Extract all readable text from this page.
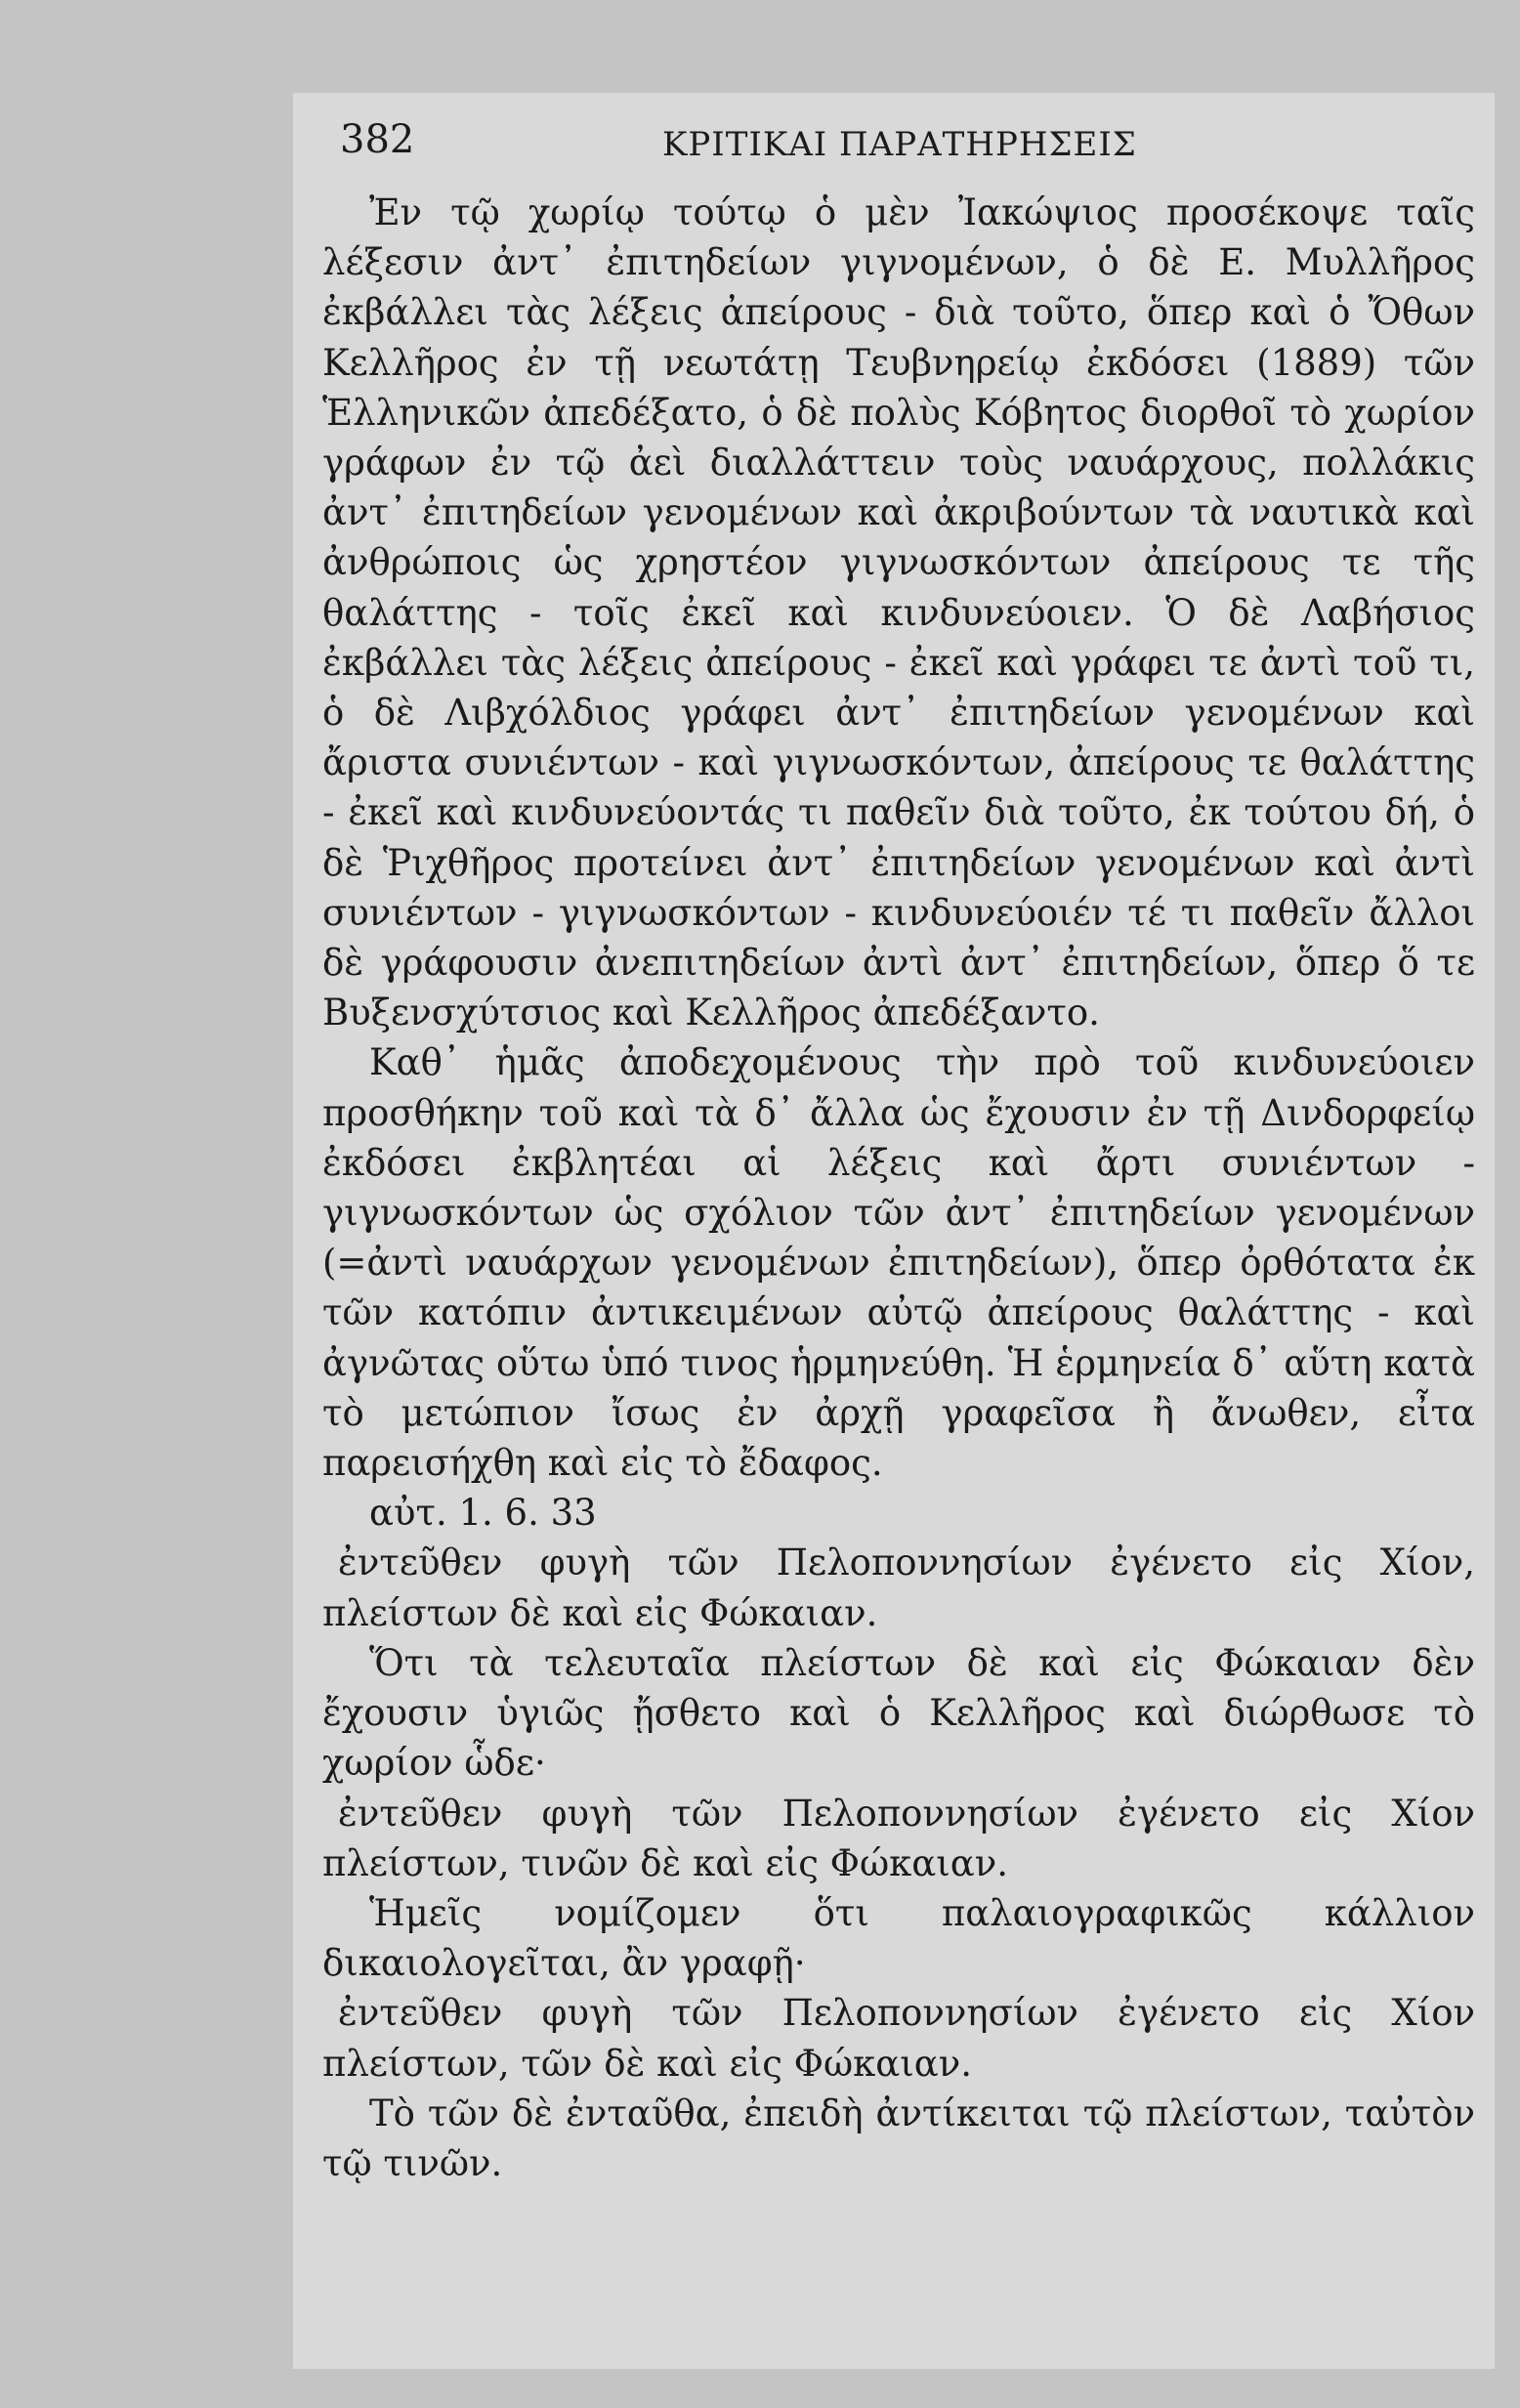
382	ΚΡΙΤΙΚΑΙ ΠΑΡΑΤΗΡΗΣΕΙΣ

Ἐν τῷ χωρίῳ τούτῳ ὁ μὲν Ἰακώψιος προσέκοψε ταῖς λέξεσιν ἀντ᾽ ἐπιτηδείων γιγνομένων, ὁ δὲ Ε. Μυλλῆρος ἐκβάλλει τὰς λέξεις ἀπείρους - διὰ τοῦτο, ὅπερ καὶ ὁ Ὄθων Κελλῆρος ἐν τῇ νεωτάτῃ Τευβνηρείῳ ἐκδόσει (1889) τῶν Ἑλληνικῶν ἀπεδέξατο, ὁ δὲ πολὺς Κόβητος διορθοῖ τὸ χωρίον γράφων ἐν τῷ ἀεὶ διαλλάττειν τοὺς ναυάρχους, πολλάκις ἀντ᾽ ἐπιτηδείων γενομένων καὶ ἀκριβούντων τὰ ναυτικὰ καὶ ἀνθρώποις ὡς χρηστέον γιγνωσκόντων ἀπείρους τε τῆς θαλάττης - τοῖς ἐκεῖ καὶ κινδυνεύοιεν. Ὁ δὲ Λαβήσιος ἐκβάλλει τὰς λέξεις ἀπείρους - ἐκεῖ καὶ γράφει τε ἀντὶ τοῦ τι, ὁ δὲ Λιβχόλδιος γράφει ἀντ᾽ ἐπιτηδείων γενομένων καὶ ἄριστα συνιέντων - καὶ γιγνωσκόντων, ἀπείρους τε θαλάττης - ἐκεῖ καὶ κινδυνεύοντάς τι παθεῖν διὰ τοῦτο, ἐκ τούτου δή, ὁ δὲ Ῥιχθῆρος προτείνει ἀντ᾽ ἐπιτηδείων γενομένων καὶ ἀντὶ συνιέντων - γιγνωσκόντων - κινδυνεύοιέν τέ τι παθεῖν ἄλλοι δὲ γράφουσιν ἀνεπιτηδείων ἀντὶ ἀντ᾽ ἐπιτηδείων, ὅπερ ὅ τε Βυξενσχύτσιος καὶ Κελλῆρος ἀπεδέξαντο.

Καθ᾽ ἡμᾶς ἀποδεχομένους τὴν πρὸ τοῦ κινδυνεύοιεν προσθήκην τοῦ καὶ τὰ δ᾽ ἄλλα ὡς ἔχουσιν ἐν τῇ Δινδορφείῳ ἐκδόσει ἐκβλητέαι αἱ λέξεις καὶ ἄρτι συνιέντων - γιγνωσκόντων ὡς σχόλιον τῶν ἀντ᾽ ἐπιτηδείων γενομένων (=ἀντὶ ναυάρχων γενομένων ἐπιτηδείων), ὅπερ ὀρθότατα ἐκ τῶν κατόπιν ἀντικειμένων αὐτῷ ἀπείρους θαλάττης - καὶ ἀγνῶτας οὕτω ὑπό τινος ἡρμηνεύθη. Ἡ ἑρμηνεία δ᾽ αὕτη κατὰ τὸ μετώπιον ἴσως ἐν ἀρχῇ γραφεῖσα ἢ ἄνωθεν, εἶτα παρεισήχθη καὶ εἰς τὸ ἔδαφος.

αὐτ. 1. 6. 33

ἐντεῦθεν φυγὴ τῶν Πελοποννησίων ἐγένετο εἰς Χίον, πλείστων δὲ καὶ εἰς Φώκαιαν.

Ὅτι τὰ τελευταῖα πλείστων δὲ καὶ εἰς Φώκαιαν δὲν ἔχουσιν ὑγιῶς ᾔσθετο καὶ ὁ Κελλῆρος καὶ διώρθωσε τὸ χωρίον ὧδε·

ἐντεῦθεν φυγὴ τῶν Πελοποννησίων ἐγένετο εἰς Χίον πλείστων, τινῶν δὲ καὶ εἰς Φώκαιαν.

Ἡμεῖς νομίζομεν ὅτι παλαιογραφικῶς κάλλιον δικαιολογεῖται, ἂν γραφῇ·

ἐντεῦθεν φυγὴ τῶν Πελοποννησίων ἐγένετο εἰς Χίον πλείστων, τῶν δὲ καὶ εἰς Φώκαιαν.

Τὸ τῶν δὲ ἐνταῦθα, ἐπειδὴ ἀντίκειται τῷ πλείστων, ταὐτὸν τῷ τινῶν.
